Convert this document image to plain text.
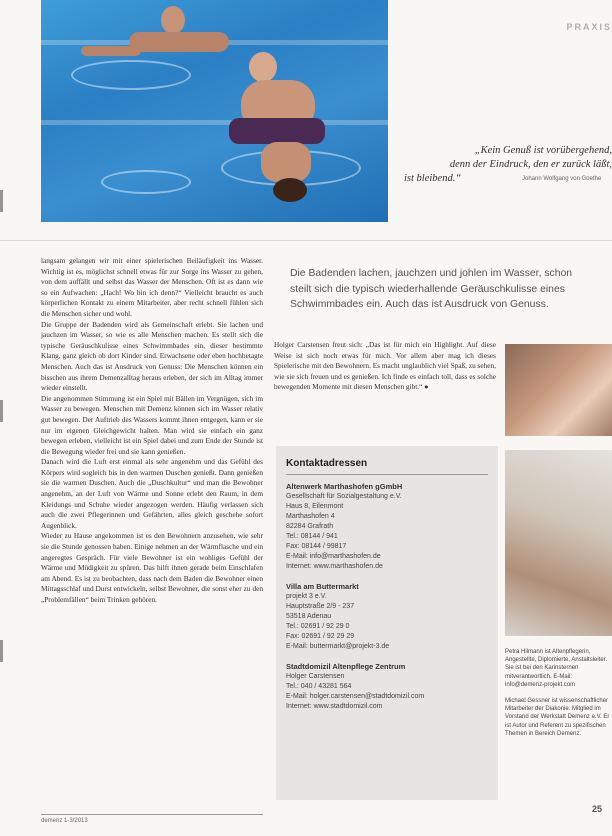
PRAXIS
„Kein Genuß ist vorübergehend,
denn der Eindruck, den er zurück läßt,
ist bleibend.“	Johann Wolfgang von Goethe

langsam gelangen wir mit einer spielerischen Beiläufigkeit ins Wasser. Wichtig ist es, möglichst schnell etwas für zur Sorge ins Wasser zu gehen, von dem auffällt und selbst das Wasser der Menschen. Oft ist es dann wie so ein Aufwachen: „Hach! Wo bin ich denn?“ Vielleicht braucht es auch körperlichen Kontakt zu einem Mitarbeiter, aber recht schnell fühlen sich die Menschen sicher und wohl.

Die Gruppe der Badenden wird als Gemeinschaft erlebt. Sie lachen und jauchzen im Wasser, so wie es alle Menschen machen. Es stellt sich die typische Geräuschkulisse eines Schwimmbades ein, dieser bestimmte Klang, ganz gleich ob dort Kinder sind. Erwachsene oder eben hochbetagte Menschen. Auch das ist Ausdruck von Genuss: Die Menschen können ein bisschen aus ihrem Demenzalltag heraus erleben, der sich im Alltag immer wieder einstellt.

Die angenommen Stimmung ist ein Spiel mit Bällen im Vergnügen, sich im Wasser zu bewegen. Menschen mit Demenz können sich im Wasser relativ gut bewegen. Der Auftrieb des Wassers kommt ihnen entgegen, kann er sie nur im eigenen Gleichgewicht halten. Man wird sie einfach ein ganz bewegen erleben, vielleicht ist ein Spiel dabei und zum Ende der Stunde ist die Bewegung wieder frei und sie kann genießen.

Danach wird die Luft erst einmal als sehr angenehm und das Gefühl des Körpers wird sogleich bis in den warmen Duschen genießt. Dann genießen sie die warmen Duschen. Auch die „Duschkultur“ und man die Bewohner angenehm, an der Luft von Wärme und Sonne erlebt den Raum, in dem Kleidungs und Schuhe wieder angezogen werden. Häufig verlassen sich auch die zwei Pflegerinnen und Gefährten, alles gleich geschehe sofort Augenblick.

Wieder zu Hause angekommen ist es den Bewohnern anzusehen, wie sehr sie die Stunde genossen haben. Einige nehmen an der Wärmflasche und ein angeregtes Gespräch. Für viele Bewohner ist ein wohliges Gefühl der Wärme und Müdigkeit zu spüren. Das hilft ihnen gerade beim Einschlafen am Abend. Es ist zu beobachten, dass nach dem Baden die Bewohner einen Mittagsschlaf und Durst entwickeln, selbst Bewohner, die sonst eher zu den „Problemfällen“ beim Trinken gehören.

Die Badenden lachen, jauchzen und johlen im Wasser, schon
steilt sich die typisch wiederhallende Geräuschkulisse eines
Schwimmbades ein. Auch das ist Ausdruck von Genuss.
Holger Carstensen freut sich: „Das ist für mich ein Highlight. Auf diese Weise ist sich noch etwas für mich. Vor allem aber mag ich dieses Spielerische mit den Bewohnern. Es macht unglaublich viel Spaß, zu sehen, wie sie sich freuen und es genießen. Ich finde es einfach toll, dass es solche bewegenden Momente mit diesen Menschen gibt.“ ●
Kontaktadressen
Altenwerk Marthashofen gGmbH
Gesellschaft für Sozialgestaltung e.V.
Haus 8, Eilenmont
Marthashofen 4
82284 Grafrath
Tel.: 08144 / 941
Fax: 08144 / 99817
E-Mail: info@marthashofen.de
Internet: www.marthashofen.de
Villa am Buttermarkt
projekt 3 e.V.
Hauptstraße 2/9 - 237
53518 Adenau
Tel.: 02691 / 92 29 0
Fax: 02691 / 92 29 29
E-Mail: buttermarkt@projekt-3.de
Stadtdomizil Altenpflege Zentrum
Holger Carstensen
Tel.: 040 / 43281 564
E-Mail: holger.carstensen@stadtdomizil.com
Internet: www.stadtdomizil.com

Petra Hilmann ist Altenpflegerin, Angestellte, Diplomierte, Anstaltsleiter. Sie ist bei den Karinsternen mitverantwortlich. E-Mail: info@demenz-projekt.com

Michael Gessner ist wissenschaftlicher Mitarbeiter der Diakonie. Mitglied im Vorstand der Werkstatt Demenz e.V. Er ist Autor und Referent zu spezifischen Themen in Bereich Demenz.

demenz 1-3/2013
25
